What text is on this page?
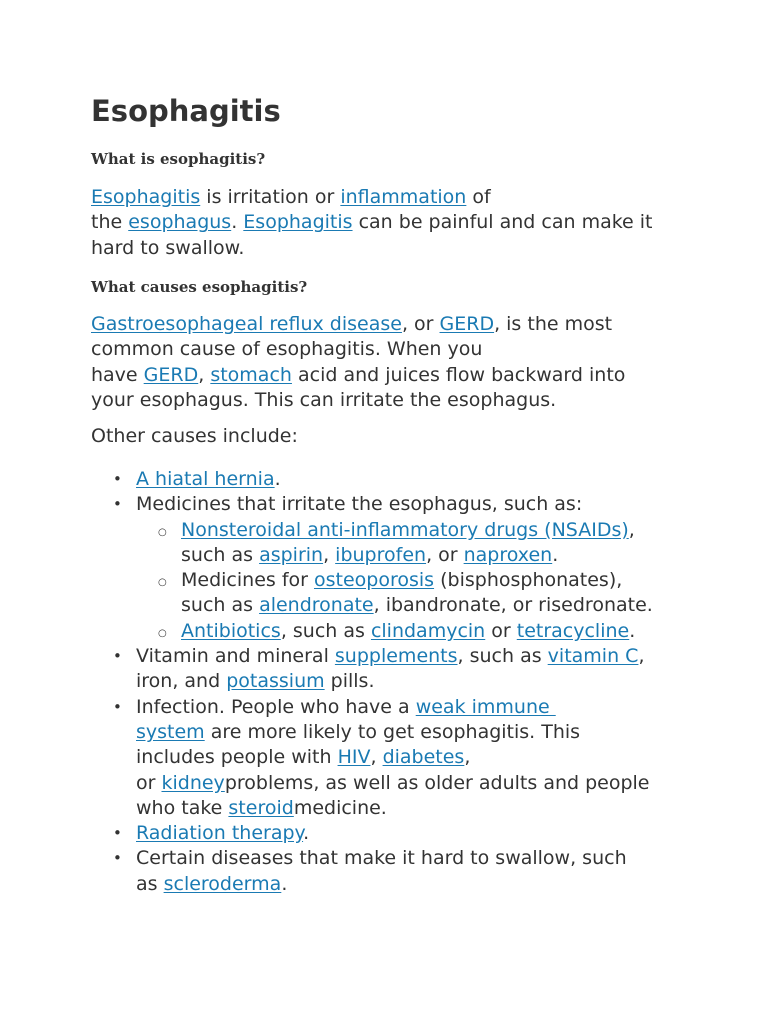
Esophagitis
What is esophagitis?
Esophagitis is irritation or inflammation of
the esophagus. Esophagitis can be painful and can make it
hard to swallow.
What causes esophagitis?
Gastroesophageal reflux disease, or GERD, is the most
common cause of esophagitis. When you
have GERD, stomach acid and juices flow backward into
your esophagus. This can irritate the esophagus.
Other causes include:
• A hiatal hernia.
• Medicines that irritate the esophagus, such as:
○ Nonsteroidal anti-inflammatory drugs (NSAIDs),
such as aspirin, ibuprofen, or naproxen.
○ Medicines for osteoporosis (bisphosphonates),
such as alendronate, ibandronate, or risedronate.
○ Antibiotics, such as clindamycin or tetracycline.
• Vitamin and mineral supplements, such as vitamin C,
iron, and potassium pills.
• Infection. People who have a weak immune
system are more likely to get esophagitis. This
includes people with HIV, diabetes,
or kidneyproblems, as well as older adults and people
who take steroidmedicine.
• Radiation therapy.
• Certain diseases that make it hard to swallow, such
as scleroderma.
